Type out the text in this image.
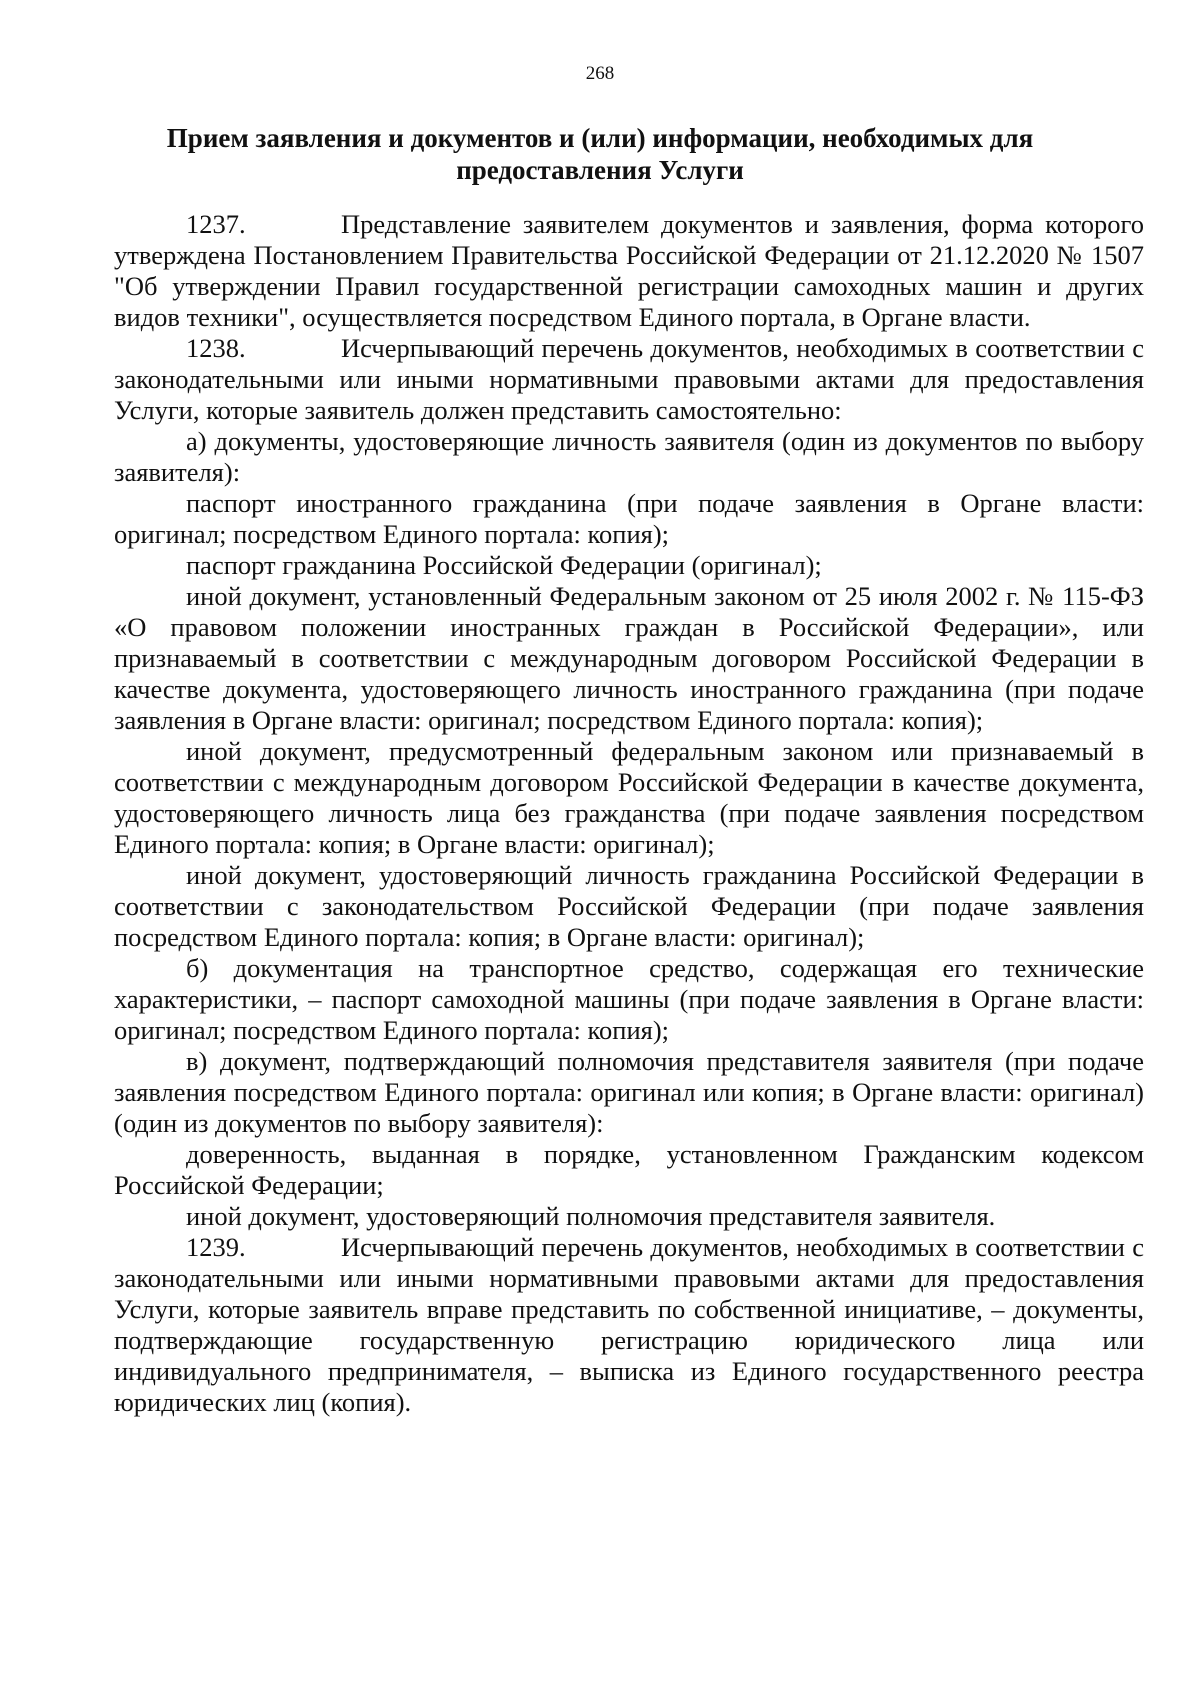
268
Прием заявления и документов и (или) информации, необходимых для предоставления Услуги

1237.	Представление заявителем документов и заявления, форма которого утверждена Постановлением Правительства Российской Федерации от 21.12.2020 № 1507 "Об утверждении Правил государственной регистрации самоходных машин и других видов техники", осуществляется посредством Единого портала, в Органе власти.

1238.	Исчерпывающий перечень документов, необходимых в соответствии с законодательными или иными нормативными правовыми актами для предоставления Услуги, которые заявитель должен представить самостоятельно:

а) документы, удостоверяющие личность заявителя (один из документов по выбору заявителя):

паспорт иностранного гражданина (при подаче заявления в Органе власти: оригинал; посредством Единого портала: копия);

паспорт гражданина Российской Федерации (оригинал);

иной документ, установленный Федеральным законом от 25 июля 2002 г. № 115-ФЗ «О правовом положении иностранных граждан в Российской Федерации», или признаваемый в соответствии с международным договором Российской Федерации в качестве документа, удостоверяющего личность иностранного гражданина (при подаче заявления в Органе власти: оригинал; посредством Единого портала: копия);

иной документ, предусмотренный федеральным законом или признаваемый в соответствии с международным договором Российской Федерации в качестве документа, удостоверяющего личность лица без гражданства (при подаче заявления посредством Единого портала: копия; в Органе власти: оригинал);

иной документ, удостоверяющий личность гражданина Российской Федерации в соответствии с законодательством Российской Федерации (при подаче заявления посредством Единого портала: копия; в Органе власти: оригинал);

б) документация на транспортное средство, содержащая его технические характеристики, – паспорт самоходной машины (при подаче заявления в Органе власти: оригинал; посредством Единого портала: копия);

в) документ, подтверждающий полномочия представителя заявителя (при подаче заявления посредством Единого портала: оригинал или копия; в Органе власти: оригинал) (один из документов по выбору заявителя):

доверенность, выданная в порядке, установленном Гражданским кодексом Российской Федерации;

иной документ, удостоверяющий полномочия представителя заявителя.

1239.	Исчерпывающий перечень документов, необходимых в соответствии с законодательными или иными нормативными правовыми актами для предоставления Услуги, которые заявитель вправе представить по собственной инициативе, – документы, подтверждающие государственную регистрацию юридического лица или индивидуального предпринимателя, – выписка из Единого государственного реестра юридических лиц (копия).
